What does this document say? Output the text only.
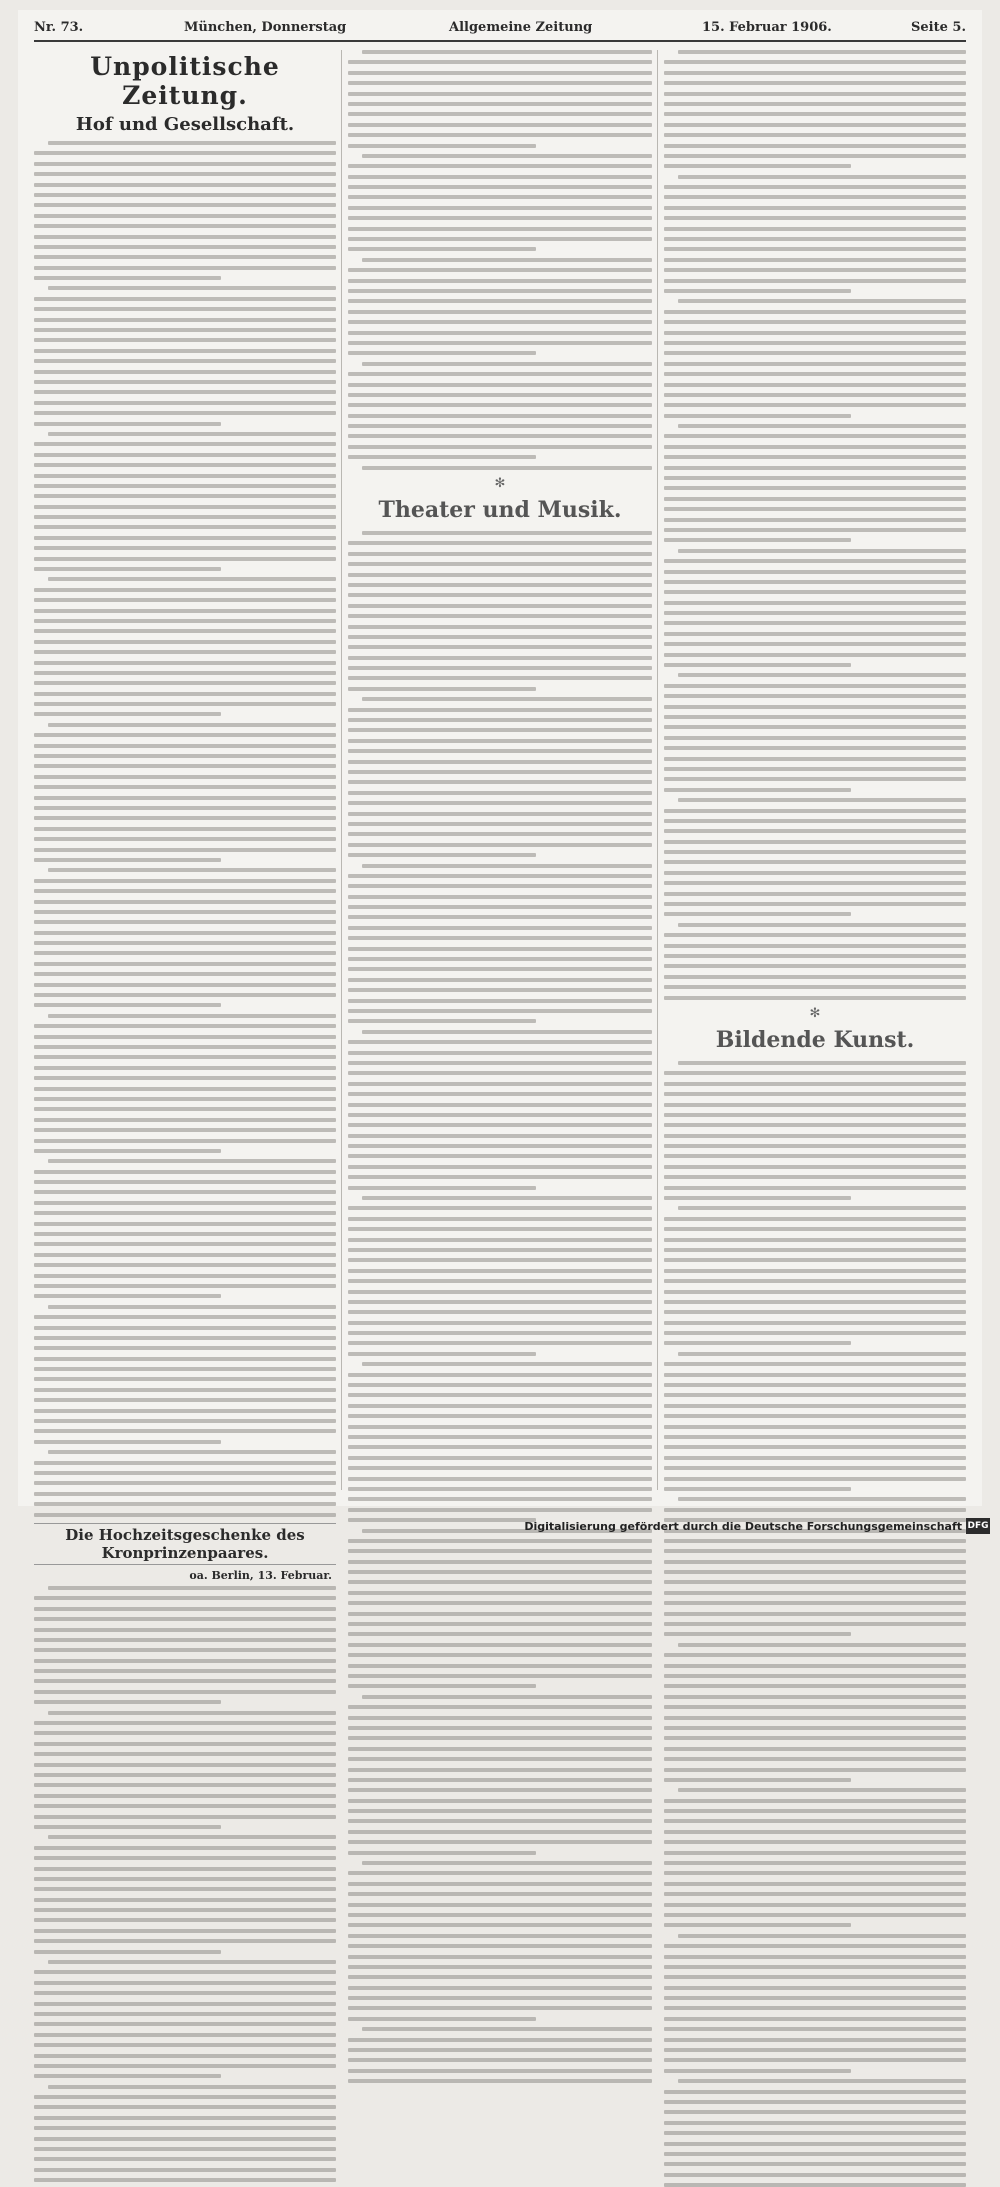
Nr. 73.	München, Donnerstag	Allgemeine Zeitung	15. Februar 1906.	Seite 5.
Unpolitische Zeitung.
Hof und Gesellschaft.
Die Hochzeitsgeschenke des Kronprinzenpaares.
oa. Berlin, 13. Februar.
✻
Theater und Musik.
✻
Bildende Kunst.
Digitalisierung gefördert durch die Deutsche Forschungsgemeinschaft DFG
